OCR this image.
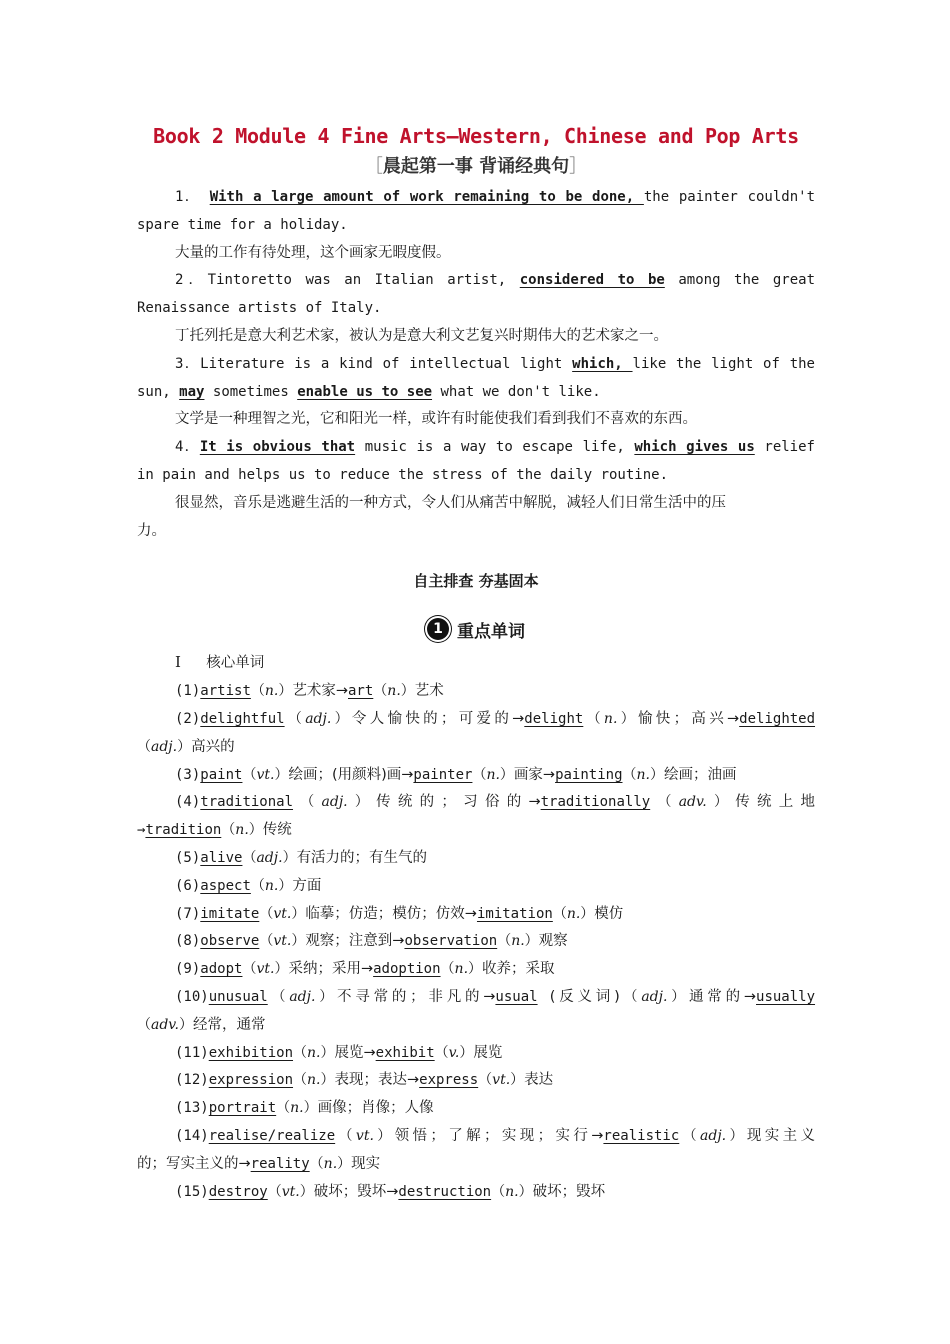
Book 2 Module 4 Fine Arts—Western, Chinese and Pop Arts
［晨起第一事 背诵经典句］
1． With a large amount of work remaining to be done, the painter couldn't
spare time for a holiday.
大量的工作有待处理，这个画家无暇度假。
2．Tintoretto was an Italian artist, considered to be among the great
Renaissance artists of Italy.
丁托列托是意大利艺术家，被认为是意大利文艺复兴时期伟大的艺术家之一。
3．Literature is a kind of intellectual light which, like the light of the
sun, may sometimes enable us to see what we don't like.
文学是一种理智之光，它和阳光一样，或许有时能使我们看到我们不喜欢的东西。
4．It is obvious that music is a way to escape life, which gives us relief
in pain and helps us to reduce the stress of the daily routine.
很显然，音乐是逃避生活的一种方式，令人们从痛苦中解脱，减轻人们日常生活中的压
力。
自主排查 夯基固本
1 重点单词
Ⅰ 核心单词
(1)artist（n.）艺术家→art（n.）艺术
(2)delightful（adj.）令人愉快的；可爱的→delight（n.）愉快；高兴→delighted
（adj.）高兴的
(3)paint（vt.）绘画；(用颜料)画→painter（n.）画家→painting（n.）绘画；油画
(4)traditional（adj.）传统的；习俗的→traditionally（adv.）传统上地
→tradition（n.）传统
(5)alive（adj.）有活力的；有生气的
(6)aspect（n.）方面
(7)imitate（vt.）临摹；仿造；模仿；仿效→imitation（n.）模仿
(8)observe（vt.）观察；注意到→observation（n.）观察
(9)adopt（vt.）采纳；采用→adoption（n.）收养；采取
(10)unusual（adj.）不寻常的；非凡的→usual (反义词)（adj.）通常的→usually
（adv.）经常，通常
(11)exhibition（n.）展览→exhibit（v.）展览
(12)expression（n.）表现；表达→express（vt.）表达
(13)portrait（n.）画像；肖像；人像
(14)realise/realize（vt.）领悟；了解；实现；实行→realistic（adj.）现实主义
的；写实主义的→reality（n.）现实
(15)destroy（vt.）破坏；毁坏→destruction（n.）破坏；毁坏
